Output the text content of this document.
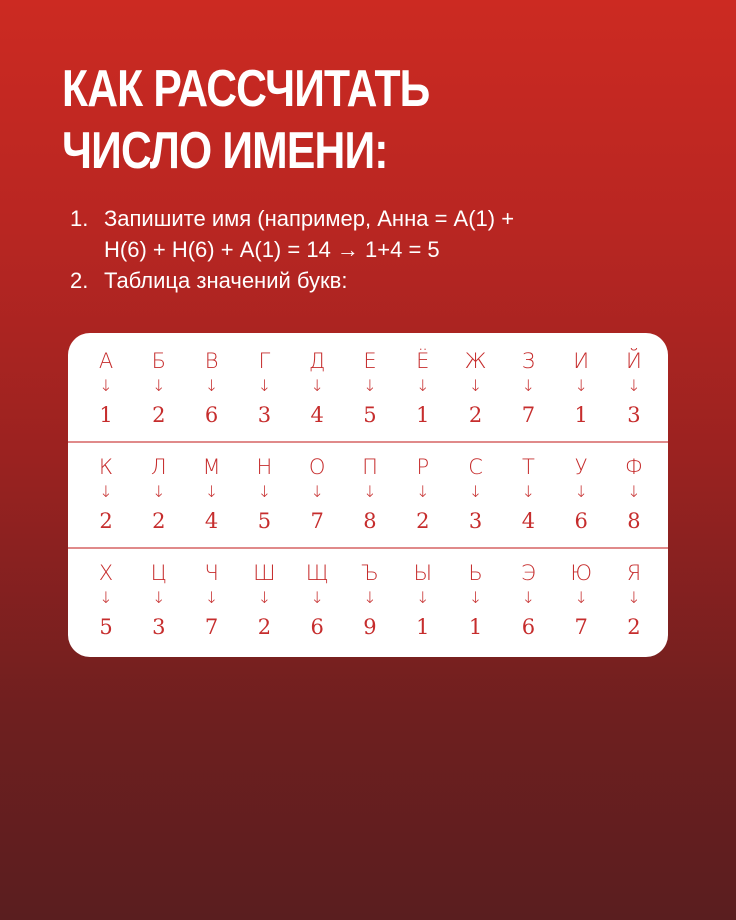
КАК РАССЧИТАТЬ
ЧИСЛО ИМЕНИ:
1. Запишите имя (например, Анна = А(1) +
Н(6) + Н(6) + А(1) = 14 → 1+4 = 5
2. Таблица значений букв:
А
↓
1
Б
↓
2
В
↓
6
Г
↓
3
Д
↓
4
Е
↓
5
Ё
↓
1
Ж
↓
2
З
↓
7
И
↓
1
Й
↓
3
К
↓
2
Л
↓
2
М
↓
4
Н
↓
5
О
↓
7
П
↓
8
Р
↓
2
С
↓
3
Т
↓
4
У
↓
6
Ф
↓
8
Х
↓
5
Ц
↓
3
Ч
↓
7
Ш
↓
2
Щ
↓
6
Ъ
↓
9
Ы
↓
1
Ь
↓
1
Э
↓
6
Ю
↓
7
Я
↓
2
